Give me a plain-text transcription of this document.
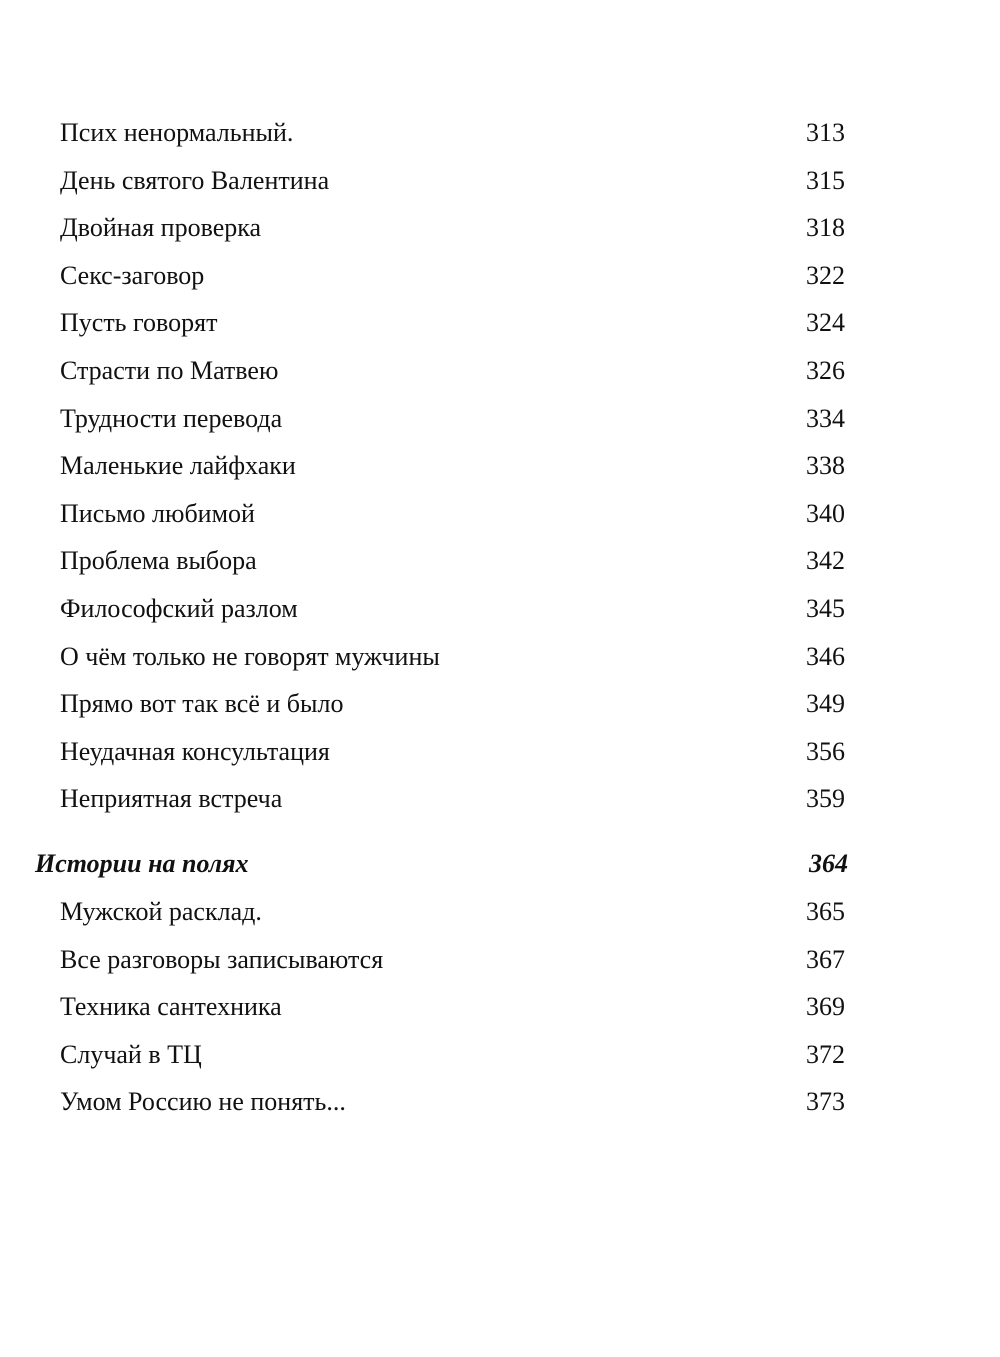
Псих ненормальный.	313
День святого Валентина	315
Двойная проверка	318
Секс-заговор	322
Пусть говорят	324
Страсти по Матвею	326
Трудности перевода	334
Маленькие лайфхаки	338
Письмо любимой	340
Проблема выбора	342
Философский разлом	345
О чём только не говорят мужчины	346
Прямо вот так всё и было	349
Неудачная консультация	356
Неприятная встреча	359
Истории на полях	364
Мужской расклад.	365
Все разговоры записываются	367
Техника сантехника	369
Случай в ТЦ	372
Умом Россию не понять...	373
